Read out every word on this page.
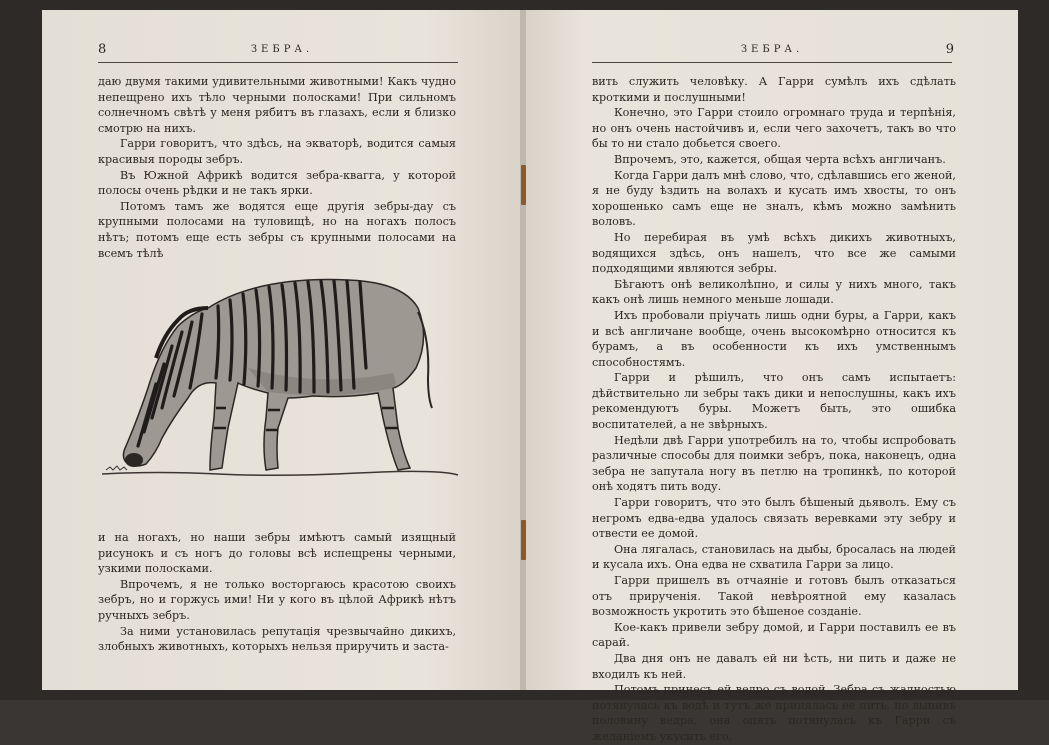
8	ЗЕБРА.

даю двумя такими удивительными животными! Какъ чудно непещрено ихъ тѣло черными полосками! При сильномъ солнечномъ свѣтѣ у меня рябитъ въ глазахъ, если я близко смотрю на нихъ.

Гарри говоритъ, что здѣсь, на экваторѣ, водится самыя красивыя породы зебръ.

Въ Южной Африкѣ водится зебра-квагга, у которой полосы очень рѣдки и не такъ ярки.

Потомъ тамъ же водятся еще другія зебры-дау съ крупными полосами на туловищѣ, но на ногахъ полосъ нѣтъ; потомъ еще есть зебры съ крупными полосами на всемъ тѣлѣ

и на ногахъ, но наши зебры имѣютъ самый изящный рисунокъ и съ ногъ до головы всѣ испещрены черными, узкими полосками.

Впрочемъ, я не только восторгаюсь красотою своихъ зебръ, но и горжусь ими! Ни у кого въ цѣлой Африкѣ нѣтъ ручныхъ зебръ.

За ними установилась репутація чрезвычайно дикихъ, злобныхъ животныхъ, которыхъ нельзя приручить и заста-

ЗЕБРА.	9

вить служить человѣку. А Гарри сумѣлъ ихъ сдѣлать кроткими и послушными!

Конечно, это Гарри стоило огромнаго труда и терпѣнія, но онъ очень настойчивъ и, если чего захочетъ, такъ во что бы то ни стало добьется своего.

Впрочемъ, это, кажется, общая черта всѣхъ англичанъ.

Когда Гарри далъ мнѣ слово, что, сдѣлавшись его женой, я не буду ѣздить на волахъ и кусать имъ хвосты, то онъ хорошенько самъ еще не зналъ, кѣмъ можно замѣнить воловъ.

Но перебирая въ умѣ всѣхъ дикихъ животныхъ, водящихся здѣсь, онъ нашелъ, что все же самыми подходящими являются зебры.

Бѣгаютъ онѣ великолѣпно, и силы у нихъ много, такъ какъ онѣ лишь немного меньше лошади.

Ихъ пробовали пріучать лишь одни буры, а Гарри, какъ и всѣ англичане вообще, очень высокомѣрно относится къ бурамъ, а въ особенности къ ихъ умственнымъ способностямъ.

Гарри и рѣшилъ, что онъ самъ испытаетъ: дѣйствительно ли зебры такъ дики и непослушны, какъ ихъ рекомендуютъ буры. Можетъ быть, это ошибка воспитателей, а не звѣрныхъ.

Недѣли двѣ Гарри употребилъ на то, чтобы испробовать различные способы для поимки зебръ, пока, наконецъ, одна зебра не запутала ногу въ петлю на тропинкѣ, по которой онѣ ходятъ пить воду.

Гарри говоритъ, что это былъ бѣшеный дьяволъ. Ему съ негромъ едва-едва удалось связать веревками эту зебру и отвести ее домой.

Она лягалась, становилась на дыбы, бросалась на людей и кусала ихъ. Она едва не схватила Гарри за лицо.

Гарри пришелъ въ отчаяніе и готовъ былъ отказаться отъ прирученія. Такой невѣроятной ему казалась возможность укротить это бѣшеное созданіе.

Кое-какъ привели зебру домой, и Гарри поставилъ ее въ сарай.

Два дня онъ не давалъ ей ни ѣсть, ни пить и даже не входилъ къ ней.

Потомъ принесъ ей ведро съ водой. Зебра съ жадностью потянулась къ водѣ и тутъ же принялась ее пить, но выпивъ половину ведра, она опять потянулась къ Гарри съ желаніемъ укусить его.
